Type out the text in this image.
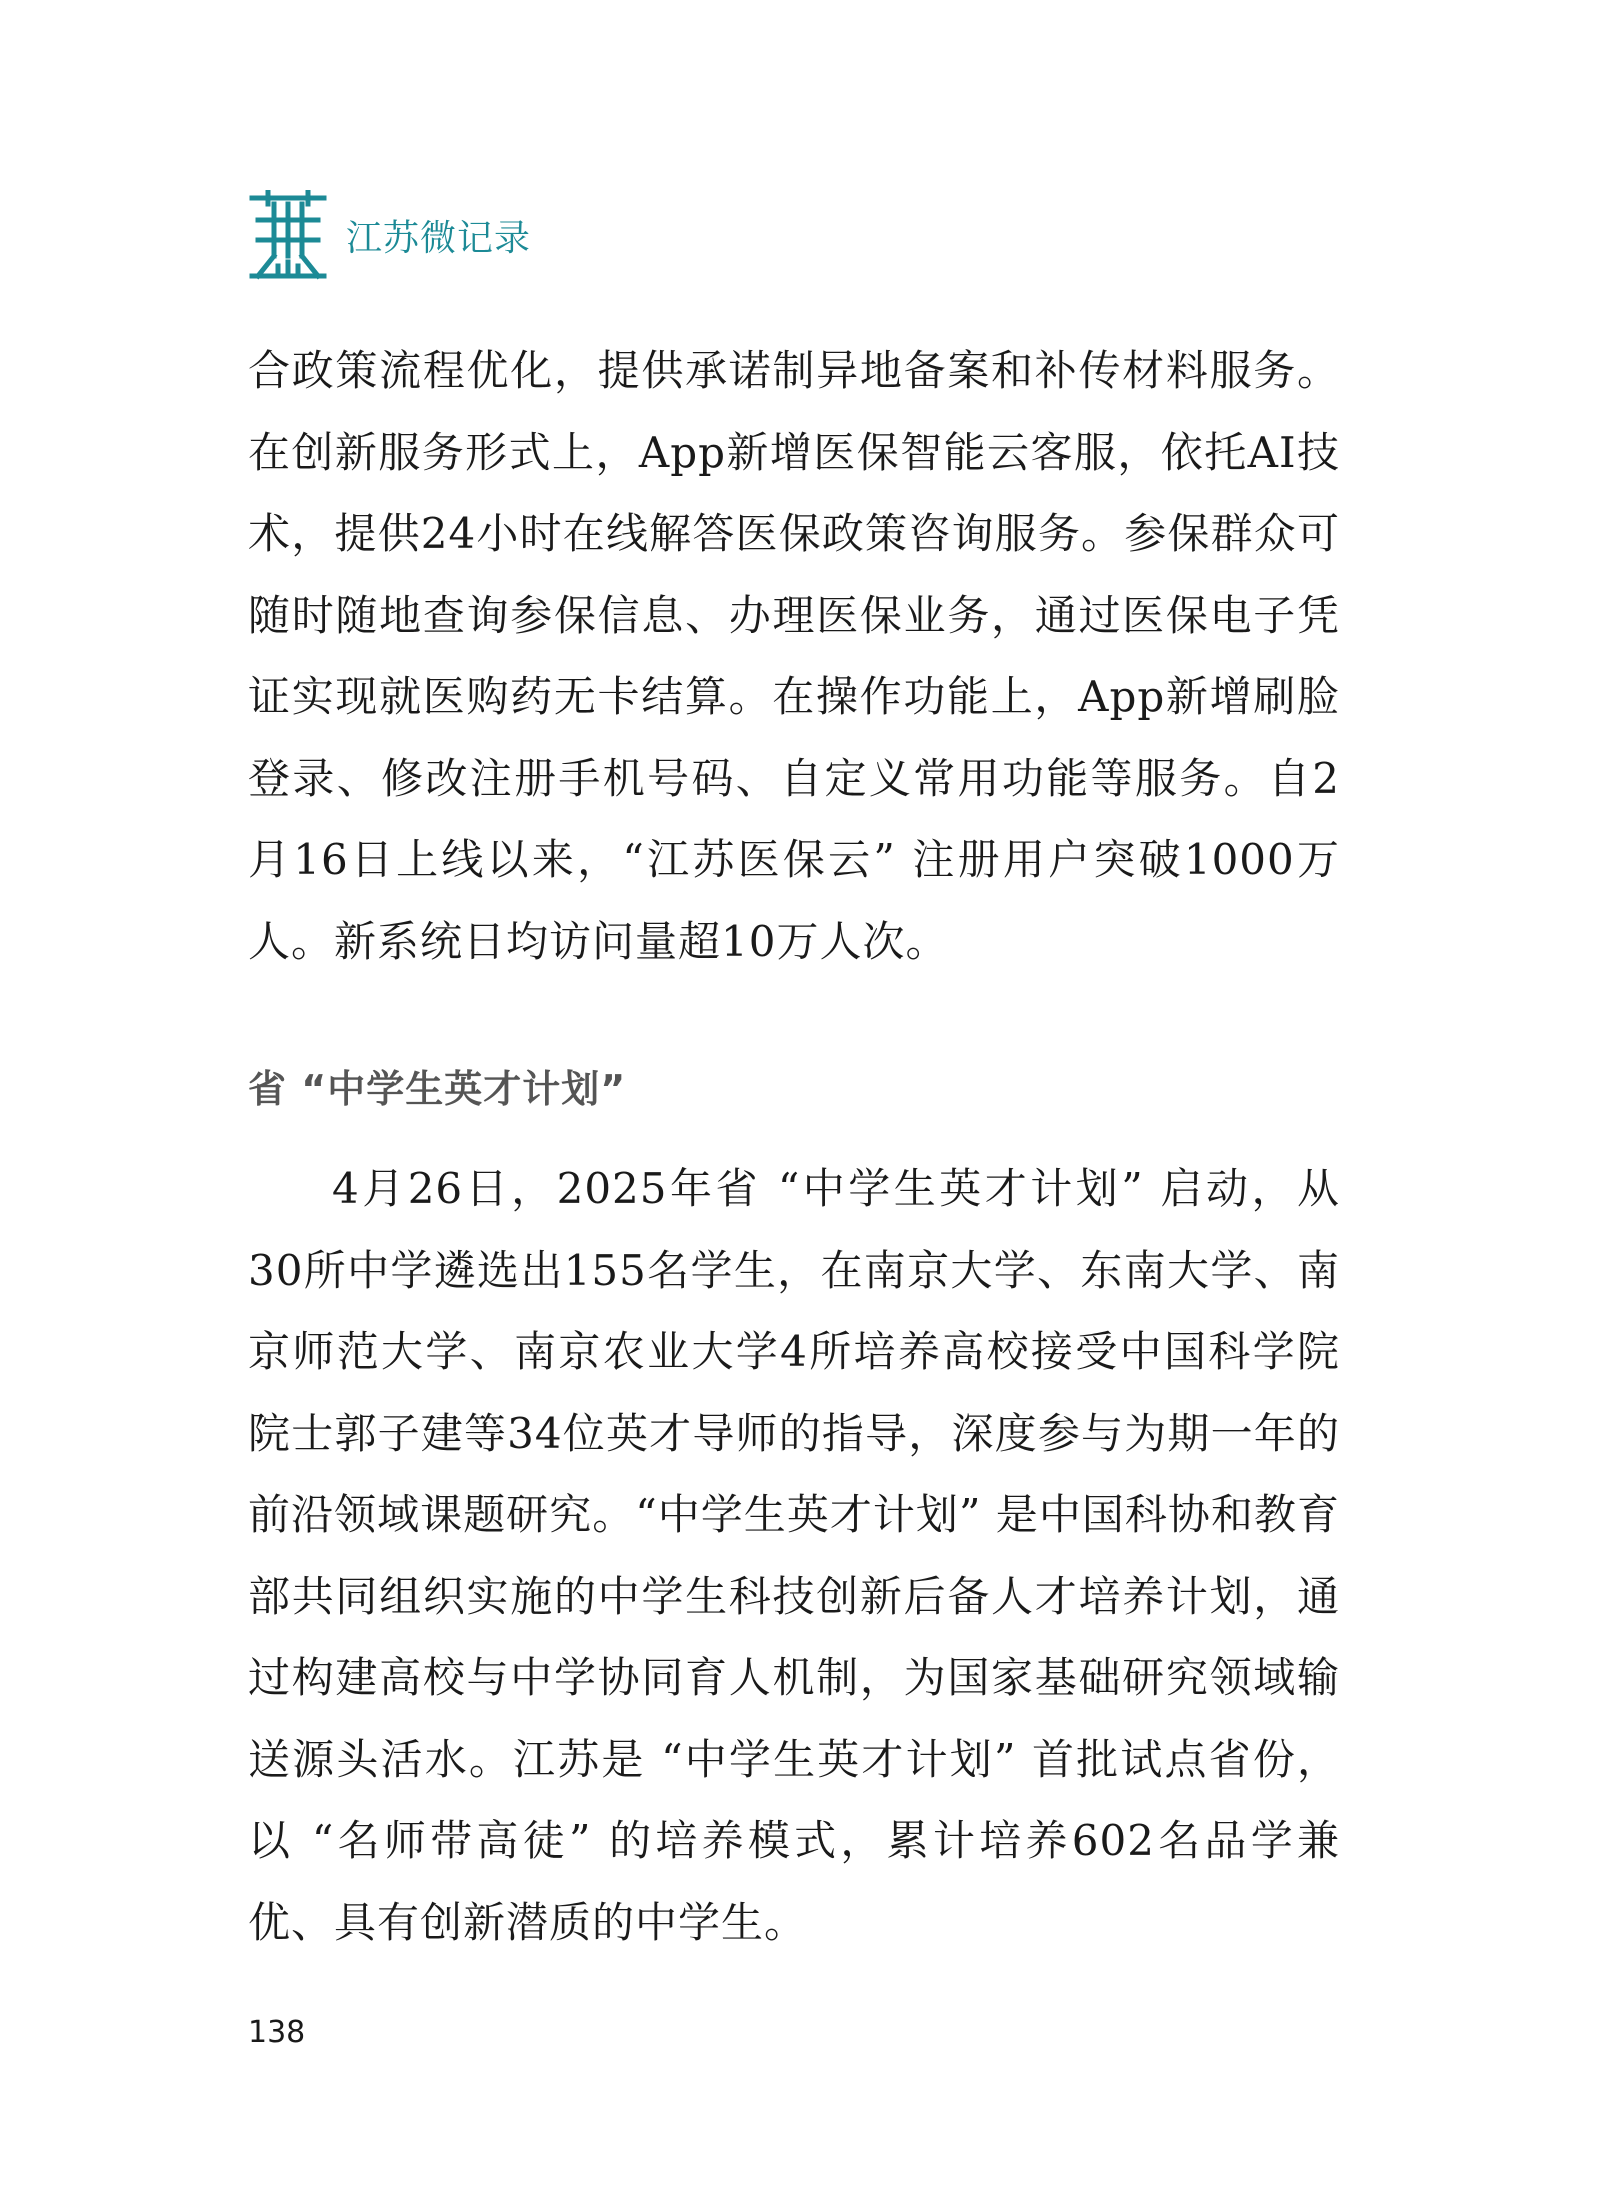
江苏微记录

合政策流程优化，提供承诺制异地备案和补传材料服务。在创新服务形式上，App新增医保智能云客服，依托AI技术，提供24小时在线解答医保政策咨询服务。参保群众可随时随地查询参保信息、办理医保业务，通过医保电子凭证实现就医购药无卡结算。在操作功能上，App新增刷脸登录、修改注册手机号码、自定义常用功能等服务。自2月16日上线以来，“江苏医保云” 注册用户突破1000万人。新系统日均访问量超10万人次。

省 “中学生英才计划”

4月26日，2025年省 “中学生英才计划” 启动，从30所中学遴选出155名学生，在南京大学、东南大学、南京师范大学、南京农业大学4所培养高校接受中国科学院院士郭子建等34位英才导师的指导，深度参与为期一年的前沿领域课题研究。“中学生英才计划” 是中国科协和教育部共同组织实施的中学生科技创新后备人才培养计划，通过构建高校与中学协同育人机制，为国家基础研究领域输送源头活水。江苏是 “中学生英才计划” 首批试点省份，以 “名师带高徒” 的培养模式，累计培养602名品学兼优、具有创新潜质的中学生。

138
